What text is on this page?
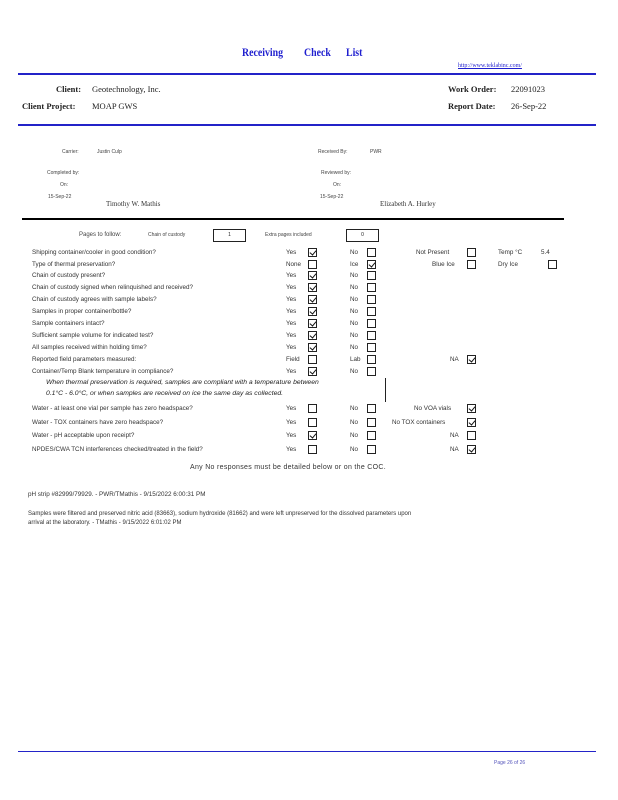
Receiving Check List
http://www.teklabinc.com/
Client: Geotechnology, Inc.
Client Project: MOAP GWS
Work Order: 22091023
Report Date: 26-Sep-22
Carrier:	Justin Culp	Received By:	PWR
Completed by:
On:
15-Sep-22
Timothy W. Mathis
Reviewed by:
On:
15-Sep-22
Elizabeth A. Hurley
Pages to follow:	Chain of custody	1	Extra pages included	0
Shipping container/cooler in good condition?	Yes	No	Not Present	Temp °C	5.4
Type of thermal preservation?	None	Ice	Blue Ice	Dry Ice
Chain of custody present?	Yes	No
Chain of custody signed when relinquished and received?	Yes	No
Chain of custody agrees with sample labels?	Yes	No
Samples in proper container/bottle?	Yes	No
Sample containers intact?	Yes	No
Sufficient sample volume for indicated test?	Yes	No
All samples received within holding time?	Yes	No
Reported field parameters measured:	Field	Lab	NA
Container/Temp Blank temperature in compliance?	Yes	No
When thermal preservation is required, samples are compliant with a temperature between
0.1°C - 6.0°C, or when samples are received on ice the same day as collected.
Water - at least one vial per sample has zero headspace?	Yes	No	No VOA vials
Water - TOX containers have zero headspace?	Yes	No	No TOX containers
Water - pH acceptable upon receipt?	Yes	No	NA
NPDES/CWA TCN interferences checked/treated in the field?	Yes	No	NA
Any No responses must be detailed below or on the COC.
pH strip #82999/79929. - PWR/TMathis - 9/15/2022 6:00:31 PM
Samples were filtered and preserved nitric acid (83663), sodium hydroxide (81662) and were left unpreserved for the dissolved parameters upon
arrival at the laboratory. - TMathis - 9/15/2022 6:01:02 PM
Page 26 of 26
